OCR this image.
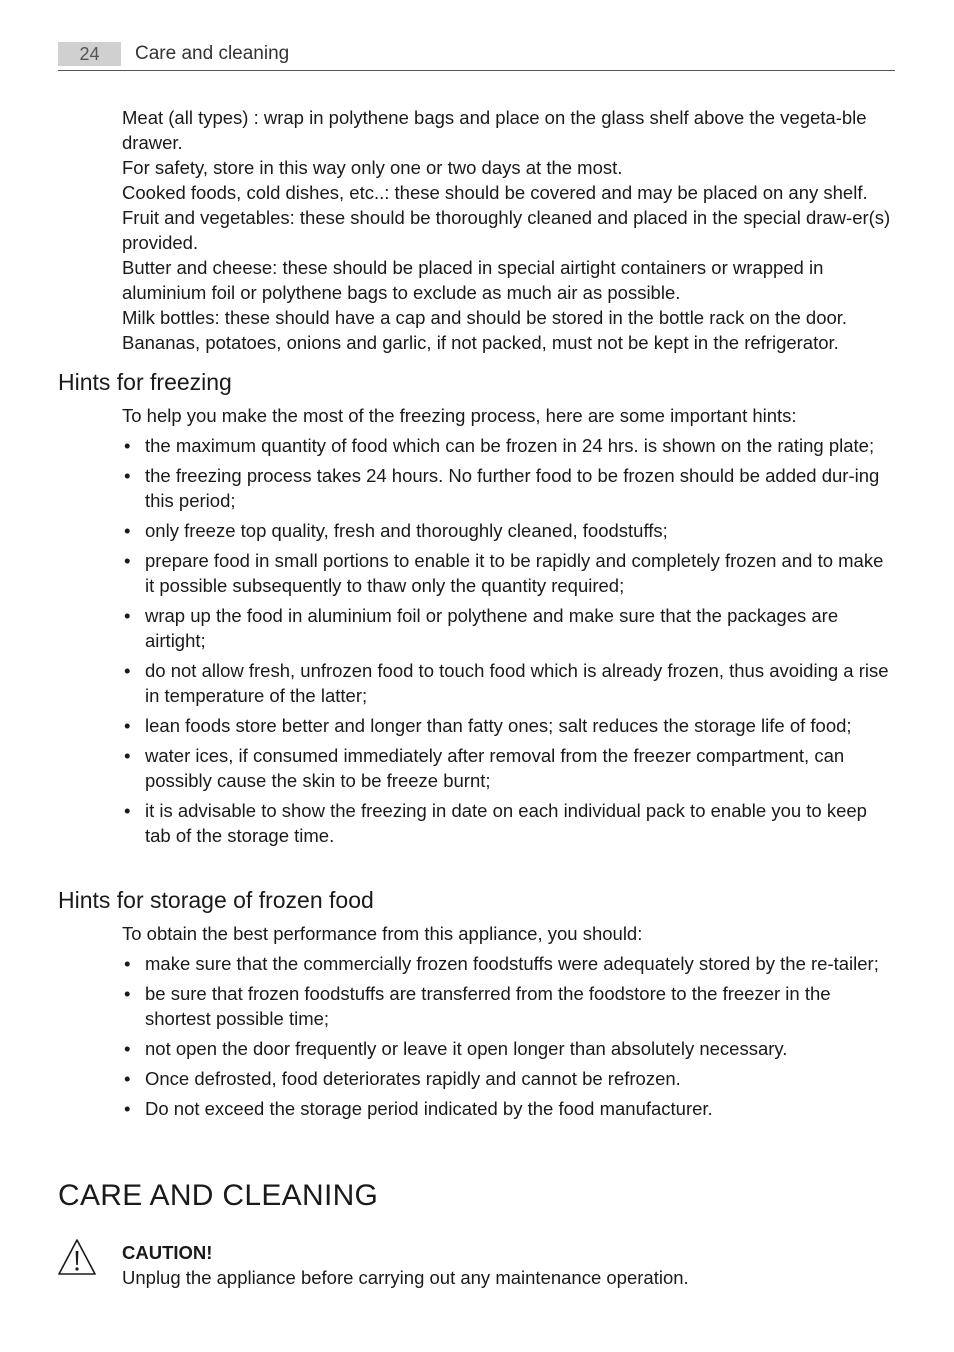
24	Care and cleaning

Meat (all types) : wrap in polythene bags and place on the glass shelf above the vegeta-ble drawer.

For safety, store in this way only one or two days at the most.

Cooked foods, cold dishes, etc..: these should be covered and may be placed on any shelf.

Fruit and vegetables: these should be thoroughly cleaned and placed in the special draw-er(s) provided.

Butter and cheese: these should be placed in special airtight containers or wrapped in aluminium foil or polythene bags to exclude as much air as possible.

Milk bottles: these should have a cap and should be stored in the bottle rack on the door.

Bananas, potatoes, onions and garlic, if not packed, must not be kept in the refrigerator.

Hints for freezing

To help you make the most of the freezing process, here are some important hints:

• the maximum quantity of food which can be frozen in 24 hrs. is shown on the rating plate;
• the freezing process takes 24 hours. No further food to be frozen should be added dur-ing this period;
• only freeze top quality, fresh and thoroughly cleaned, foodstuffs;
• prepare food in small portions to enable it to be rapidly and completely frozen and to make it possible subsequently to thaw only the quantity required;
• wrap up the food in aluminium foil or polythene and make sure that the packages are airtight;
• do not allow fresh, unfrozen food to touch food which is already frozen, thus avoiding a rise in temperature of the latter;
• lean foods store better and longer than fatty ones; salt reduces the storage life of food;
• water ices, if consumed immediately after removal from the freezer compartment, can possibly cause the skin to be freeze burnt;
• it is advisable to show the freezing in date on each individual pack to enable you to keep tab of the storage time.
Hints for storage of frozen food

To obtain the best performance from this appliance, you should:

• make sure that the commercially frozen foodstuffs were adequately stored by the re-tailer;
• be sure that frozen foodstuffs are transferred from the foodstore to the freezer in the shortest possible time;
• not open the door frequently or leave it open longer than absolutely necessary.
• Once defrosted, food deteriorates rapidly and cannot be refrozen.
• Do not exceed the storage period indicated by the food manufacturer.
CARE AND CLEANING
CAUTION!
Unplug the appliance before carrying out any maintenance operation.
